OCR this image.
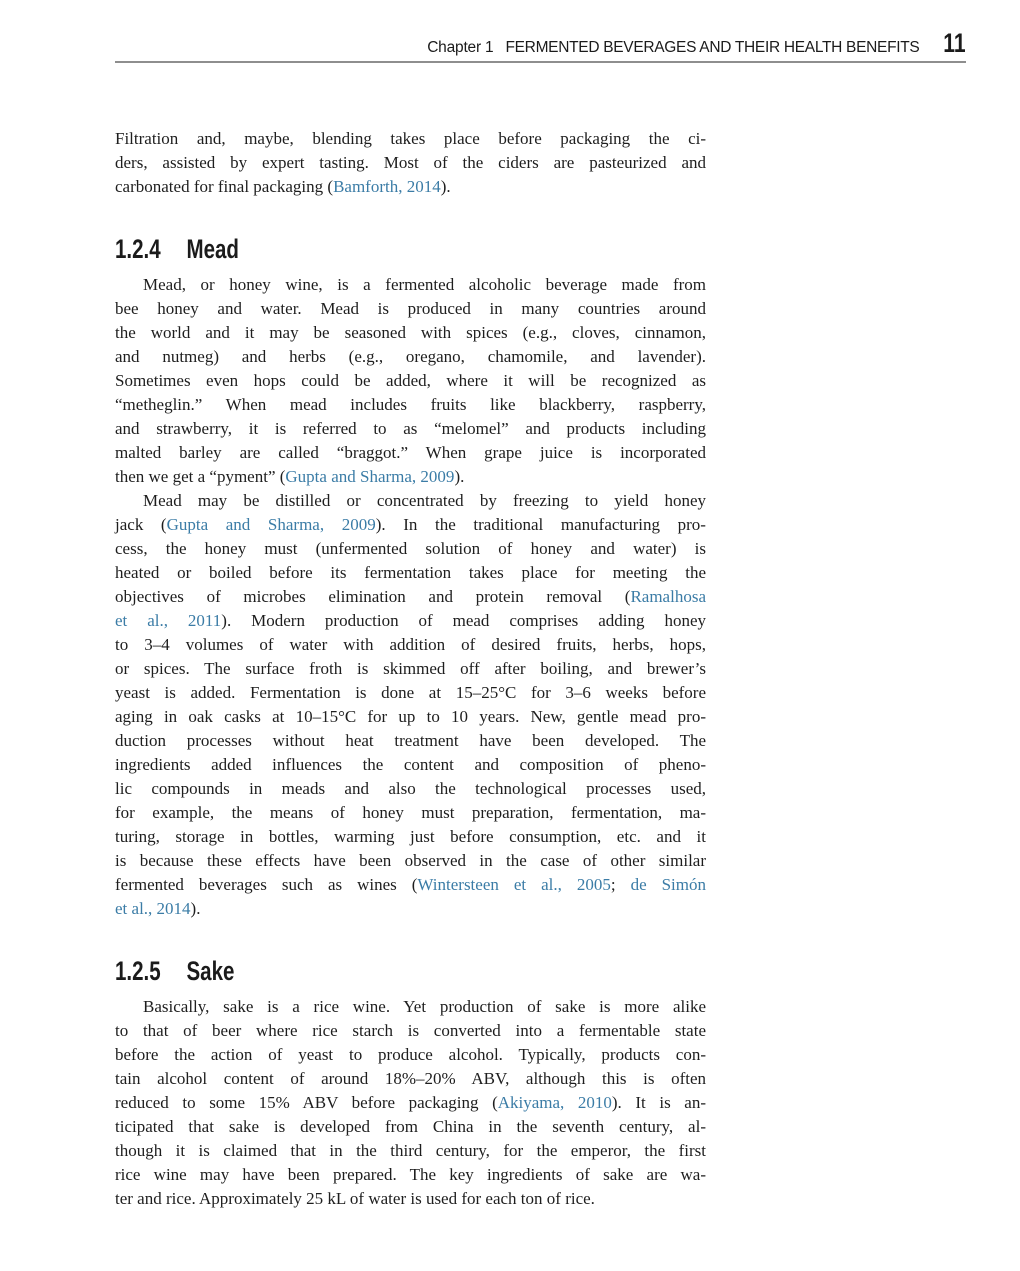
Chapter 1 FERMENTED BEVERAGES AND THEIR HEALTH BENEFITS 11
Filtration and, maybe, blending takes place before packaging the ci-
ders, assisted by expert tasting. Most of the ciders are pasteurized and
carbonated for final packaging (Bamforth, 2014).
1.2.4 Mead
Mead, or honey wine, is a fermented alcoholic beverage made from
bee honey and water. Mead is produced in many countries around
the world and it may be seasoned with spices (e.g., cloves, cinnamon,
and nutmeg) and herbs (e.g., oregano, chamomile, and lavender).
Sometimes even hops could be added, where it will be recognized as
“metheglin.” When mead includes fruits like blackberry, raspberry,
and strawberry, it is referred to as “melomel” and products including
malted barley are called “braggot.” When grape juice is incorporated
then we get a “pyment” (Gupta and Sharma, 2009).
Mead may be distilled or concentrated by freezing to yield honey
jack (Gupta and Sharma, 2009). In the traditional manufacturing pro-
cess, the honey must (unfermented solution of honey and water) is
heated or boiled before its fermentation takes place for meeting the
objectives of microbes elimination and protein removal (Ramalhosa
et al., 2011). Modern production of mead comprises adding honey
to 3–4 volumes of water with addition of desired fruits, herbs, hops,
or spices. The surface froth is skimmed off after boiling, and brewer’s
yeast is added. Fermentation is done at 15–25°C for 3–6 weeks before
aging in oak casks at 10–15°C for up to 10 years. New, gentle mead pro-
duction processes without heat treatment have been developed. The
ingredients added influences the content and composition of pheno-
lic compounds in meads and also the technological processes used,
for example, the means of honey must preparation, fermentation, ma-
turing, storage in bottles, warming just before consumption, etc. and it
is because these effects have been observed in the case of other similar
fermented beverages such as wines (Wintersteen et al., 2005; de Simón
et al., 2014).
1.2.5 Sake
Basically, sake is a rice wine. Yet production of sake is more alike
to that of beer where rice starch is converted into a fermentable state
before the action of yeast to produce alcohol. Typically, products con-
tain alcohol content of around 18%–20% ABV, although this is often
reduced to some 15% ABV before packaging (Akiyama, 2010). It is an-
ticipated that sake is developed from China in the seventh century, al-
though it is claimed that in the third century, for the emperor, the first
rice wine may have been prepared. The key ingredients of sake are wa-
ter and rice. Approximately 25 kL of water is used for each ton of rice.
